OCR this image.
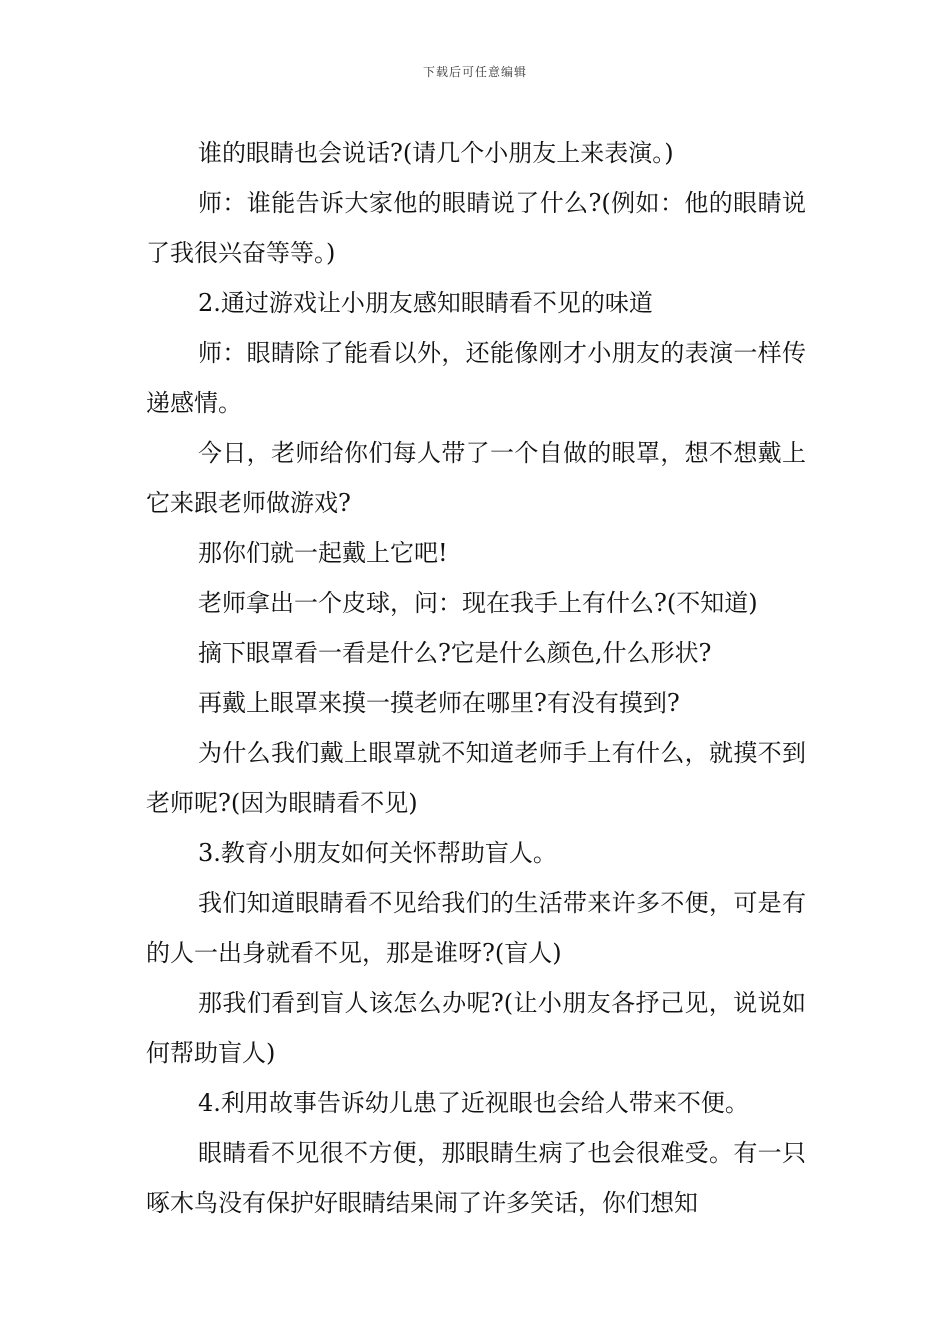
下载后可任意编辑

谁的眼睛也会说话?(请几个小朋友上来表演。)

师：谁能告诉大家他的眼睛说了什么?(例如：他的眼睛说了我很兴奋等等。)

2.通过游戏让小朋友感知眼睛看不见的味道

师：眼睛除了能看以外，还能像刚才小朋友的表演一样传递感情。

今日，老师给你们每人带了一个自做的眼罩，想不想戴上它来跟老师做游戏?

那你们就一起戴上它吧!

老师拿出一个皮球，问：现在我手上有什么?(不知道)

摘下眼罩看一看是什么?它是什么颜色,什么形状?

再戴上眼罩来摸一摸老师在哪里?有没有摸到?

为什么我们戴上眼罩就不知道老师手上有什么，就摸不到老师呢?(因为眼睛看不见)

3.教育小朋友如何关怀帮助盲人。

我们知道眼睛看不见给我们的生活带来许多不便，可是有的人一出身就看不见，那是谁呀?(盲人)

那我们看到盲人该怎么办呢?(让小朋友各抒己见，说说如何帮助盲人)

4.利用故事告诉幼儿患了近视眼也会给人带来不便。

眼睛看不见很不方便，那眼睛生病了也会很难受。有一只啄木鸟没有保护好眼睛结果闹了许多笑话，你们想知
